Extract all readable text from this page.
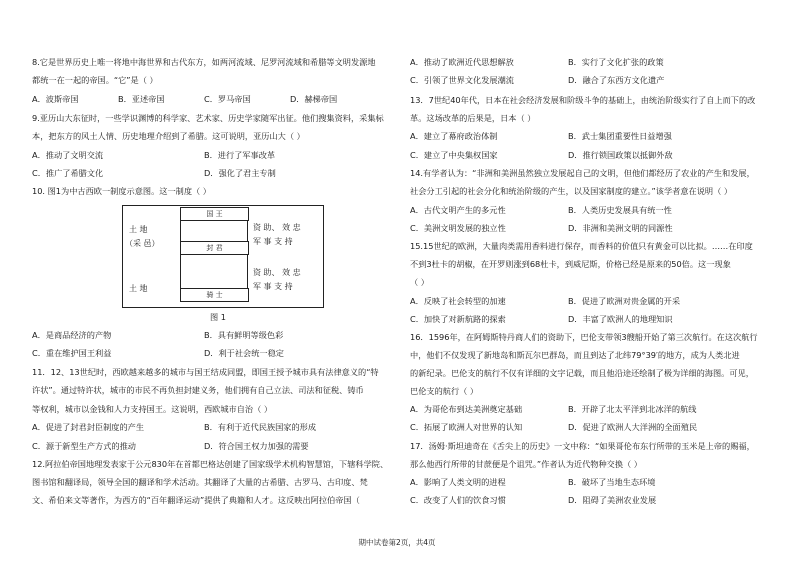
8.它是世界历史上唯一将地中海世界和古代东方，如两河流域、尼罗河流域和希腊等文明发源地
都统一在一起的帝国。“它”是（ ）
A．波斯帝国	B．亚述帝国	C．罗马帝国	D．赫梯帝国
9.亚历山大东征时，一些学识渊博的科学家、艺术家、历史学家随军出征。他们搜集资料，采集标
本，把东方的风土人情、历史地理介绍到了希腊。这可说明，亚历山大（ ）
A．推动了文明交流	B．进行了军事改革
C．推广了希腊文化	D．强化了君主专制
10. 图1为中古西欧一制度示意图。这一制度（ ）
土 地
（采 邑）
土 地
资 助、 效 忠
军 事 支 持
资 助、 效 忠
军 事 支 持
国 王
封 君
骑 士
图 1
A．是商品经济的产物	B．具有鲜明等级色彩
C．重在维护国王利益	D．利于社会统一稳定
11．12、13世纪时，西欧越来越多的城市与国王结成同盟，即国王授予城市具有法律意义的“特
许状”。通过特许状，城市的市民不再负担封建义务，他们拥有自己立法、司法和征税、铸币
等权利，城市以金钱和人力支持国王。这说明，西欧城市自治（ ）
A．促进了封君封臣制度的产生	B．有利于近代民族国家的形成
C．源于新型生产方式的推动	D．符合国王权力加强的需要
12.阿拉伯帝国地理发表家于公元830年在首都巴格达创建了国家级学术机构智慧馆，下辖科学院、
图书馆和翻译局，领导全国的翻译和学术活动。其翻译了大量的古希腊、古罗马、古印度、梵
文、希伯来文等著作，为西方的“百年翻译运动”提供了典籍和人才。这反映出阿拉伯帝国（
A．推动了欧洲近代思想解放	B．实行了文化扩张的政策
C．引领了世界文化发展潮流	D．融合了东西方文化遗产
13．7世纪40年代，日本在社会经济发展和阶级斗争的基础上，由统治阶级实行了自上而下的改
革。这场改革的后果是，日本（ ）
A．建立了幕府政治体制	B．武士集团重要性日益增强
C．建立了中央集权国家	D．推行锁国政策以抵御外敌
14.有学者认为：“非洲和美洲虽然独立发展起自己的文明，但他们都经历了农业的产生和发展，
社会分工引起的社会分化和统治阶级的产生，以及国家制度的建立。”该学者意在说明（ ）
A．古代文明产生的多元性	B．人类历史发展具有统一性
C．美洲文明发展的独立性	D．非洲和美洲文明的同源性
15.15世纪的欧洲，大量肉类需用香料进行保存，而香料的价值只有黄金可以比拟。……在印度
不到3杜卡的胡椒，在开罗则涨到68杜卡，到威尼斯，价格已经是原来的50倍。这一现象
（ ）
A．反映了社会转型的加速	B．促进了欧洲对贵金属的开采
C．加快了对新航路的探索	D．丰富了欧洲人的地理知识
16．1596年，在阿姆斯特丹商人们的资助下，巴伦支带领3艘船开始了第三次航行。在这次航行
中，他们不仅发现了新地岛和斯瓦尔巴群岛，而且到达了北纬79°39′的地方，成为人类北进
的新纪录。巴伦支的航行不仅有详细的文字记载，而且他沿途还绘制了极为详细的海图。可见，
巴伦支的航行（ ）
A．为哥伦布到达美洲奠定基础	B．开辟了北太平洋到北冰洋的航线
C．拓展了欧洲人对世界的认知	D．促进了欧洲人大洋洲的全面殖民
17．汤姆·斯坦迪奇在《舌尖上的历史》一文中称：“如果哥伦布东行所带的玉米是上帝的赐福，
那么他西行所带的甘蔗便是个诅咒。”作者认为近代物种交换（ ）
A．影响了人类文明的进程	B．破坏了当地生态环境
C．改变了人们的饮食习惯	D．阻碍了美洲农业发展
期中试卷第2页，共4页
